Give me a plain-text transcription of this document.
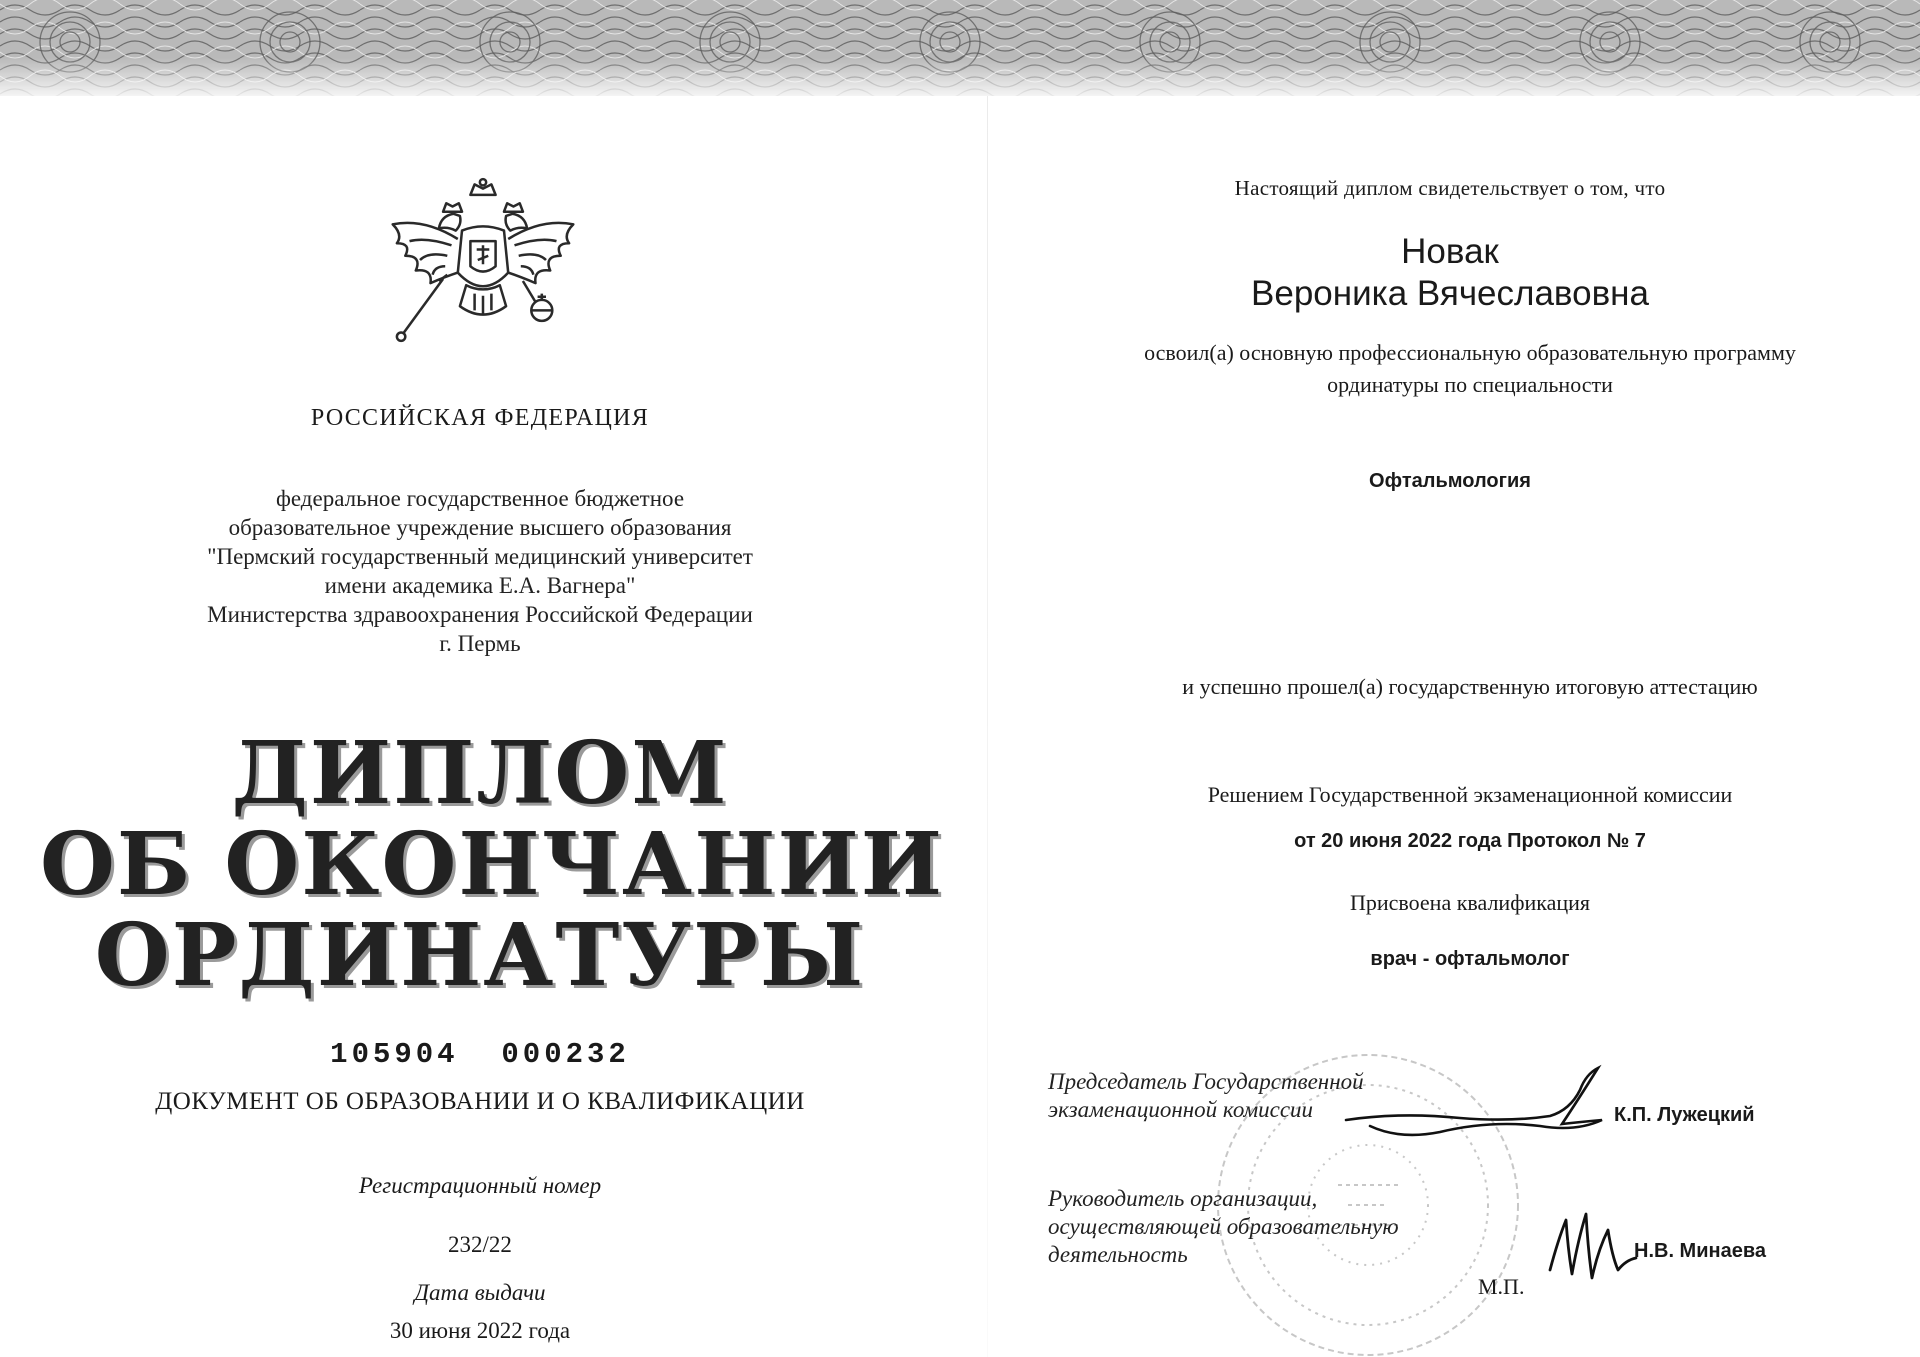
РОССИЙСКАЯ ФЕДЕРАЦИЯ
федеральное государственное бюджетное
образовательное учреждение высшего образования
"Пермский государственный медицинский университет
имени академика Е.А. Вагнера"
Министерства здравоохранения Российской Федерации
г. Пермь
ДИПЛОМ
ОБ ОКОНЧАНИИ
ОРДИНАТУРЫ
105904  000232
ДОКУМЕНТ ОБ ОБРАЗОВАНИИ И О КВАЛИФИКАЦИИ
Регистрационный номер
232/22
Дата выдачи
30 июня 2022 года
Настоящий диплом свидетельствует о том, что
Новак
Вероника Вячеславовна
освоил(а) основную профессиональную образовательную программу
ординатуры по специальности
Офтальмология
и успешно прошел(а) государственную итоговую аттестацию
Решением Государственной экзаменационной комиссии
от 20 июня 2022 года Протокол № 7
Присвоена квалификация
врач - офтальмолог
Председатель Государственной
экзаменационной комиссии	К.П. Лужецкий
Руководитель организации,
осуществляющей образовательную
деятельность	Н.В. Минаева
М.П.
